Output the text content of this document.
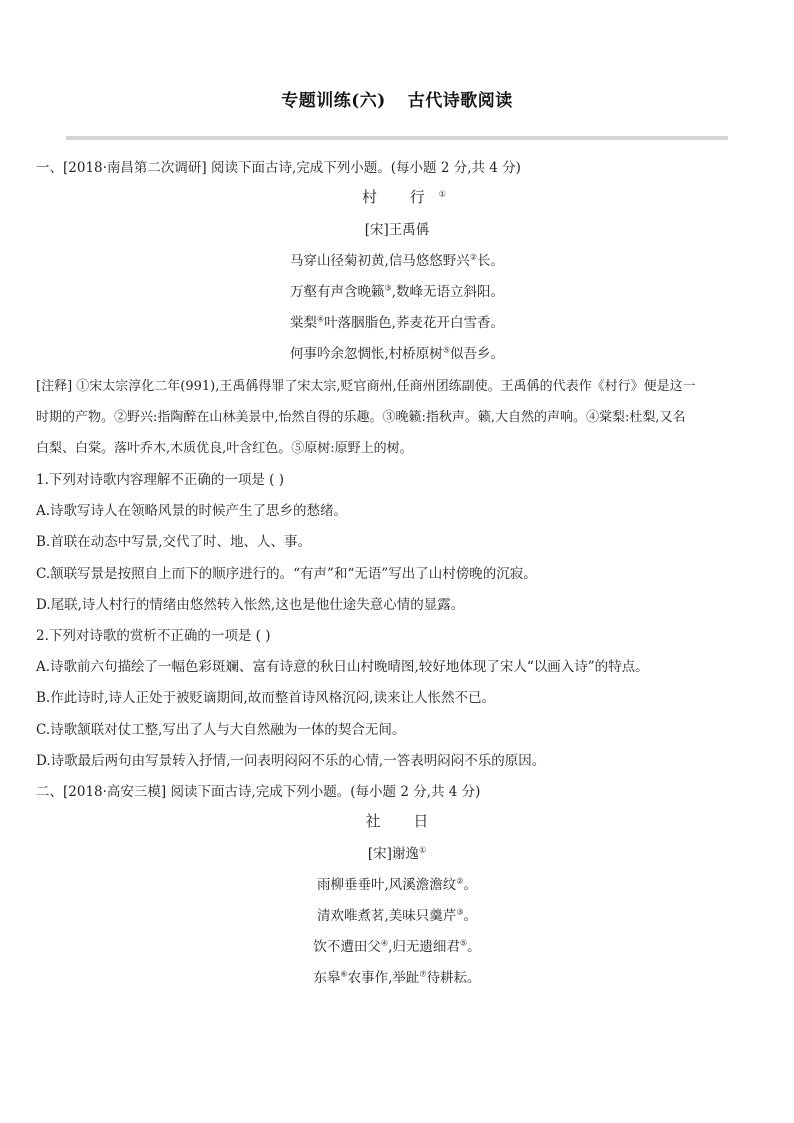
专题训练(六) 古代诗歌阅读
一、[2018·南昌第二次调研] 阅读下面古诗,完成下列小题。(每小题 2 分,共 4 分)
村 行①
[宋]王禹偁
马穿山径菊初黄,信马悠悠野兴②长。
万壑有声含晚籁③,数峰无语立斜阳。
棠梨④叶落胭脂色,荞麦花开白雪香。
何事吟余忽惆怅,村桥原树⑤似吾乡。
[注释] ①宋太宗淳化二年(991),王禹偁得罪了宋太宗,贬官商州,任商州团练副使。王禹偁的代表作《村行》便是这一
时期的产物。②野兴:指陶醉在山林美景中,怡然自得的乐趣。③晚籁:指秋声。籁,大自然的声响。④棠梨:杜梨,又名
白梨、白棠。落叶乔木,木质优良,叶含红色。⑤原树:原野上的树。
1.下列对诗歌内容理解不正确的一项是 ( )
A.诗歌写诗人在领略风景的时候产生了思乡的愁绪。
B.首联在动态中写景,交代了时、地、人、事。
C.颔联写景是按照自上而下的顺序进行的。“有声”和“无语”写出了山村傍晚的沉寂。
D.尾联,诗人村行的情绪由悠然转入怅然,这也是他仕途失意心情的显露。
2.下列对诗歌的赏析不正确的一项是 ( )
A.诗歌前六句描绘了一幅色彩斑斓、富有诗意的秋日山村晚晴图,较好地体现了宋人“以画入诗”的特点。
B.作此诗时,诗人正处于被贬谪期间,故而整首诗风格沉闷,读来让人怅然不已。
C.诗歌颔联对仗工整,写出了人与大自然融为一体的契合无间。
D.诗歌最后两句由写景转入抒情,一问表明闷闷不乐的心情,一答表明闷闷不乐的原因。
二、[2018·高安三模] 阅读下面古诗,完成下列小题。(每小题 2 分,共 4 分)
社 日
[宋]谢逸①
雨柳垂垂叶,风溪澹澹纹②。
清欢唯煮茗,美味只羹芹③。
饮不遭田父④,归无遗细君⑤。
东皋⑥农事作,举趾⑦待耕耘。
